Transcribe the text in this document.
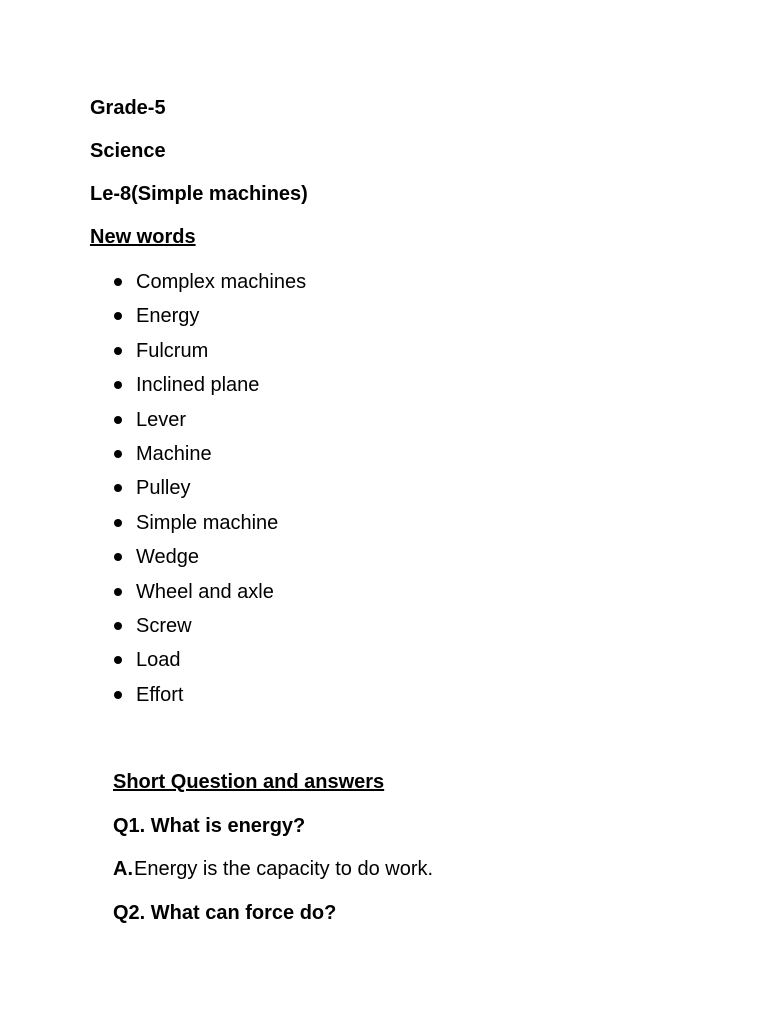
Grade-5

Science

Le-8(Simple machines)

New words

Complex machines
Energy
Fulcrum
Inclined plane
Lever
Machine
Pulley
Simple machine
Wedge
Wheel and axle
Screw
Load
Effort

Short Question and answers

Q1. What is energy?

A.Energy is the capacity to do work.

Q2. What can force do?
